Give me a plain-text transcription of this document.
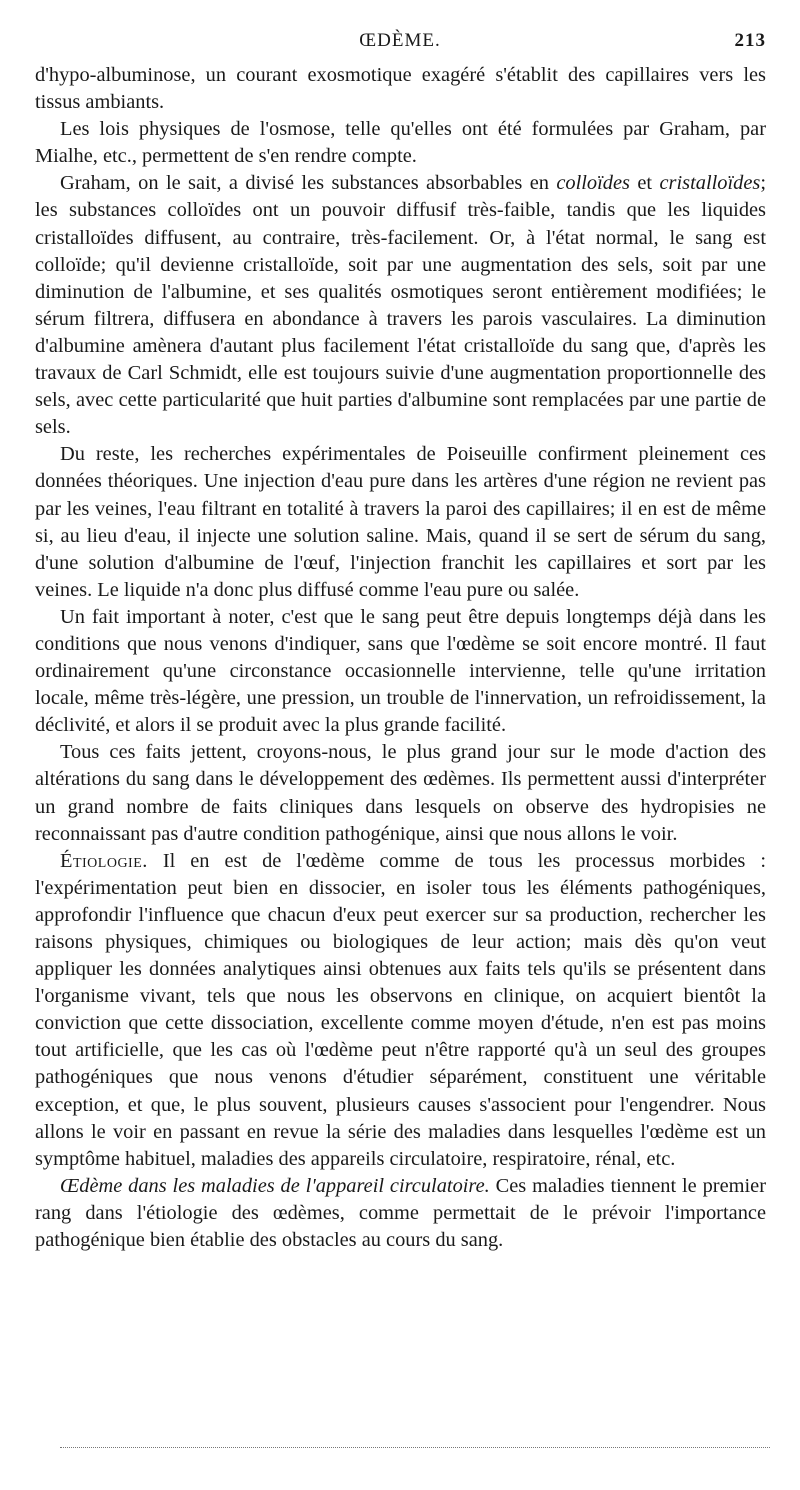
ŒDÈME.	213

d'hypo-albuminose, un courant exosmotique exagéré s'établit des capillaires vers les tissus ambiants.

Les lois physiques de l'osmose, telle qu'elles ont été formulées par Graham, par Mialhe, etc., permettent de s'en rendre compte.

Graham, on le sait, a divisé les substances absorbables en colloïdes et cristalloïdes; les substances colloïdes ont un pouvoir diffusif très-faible, tandis que les liquides cristalloïdes diffusent, au contraire, très-facilement. Or, à l'état normal, le sang est colloïde; qu'il devienne cristalloïde, soit par une augmentation des sels, soit par une diminution de l'albumine, et ses qualités osmotiques seront entièrement modifiées; le sérum filtrera, diffusera en abondance à travers les parois vasculaires. La diminution d'albumine amènera d'autant plus facilement l'état cristalloïde du sang que, d'après les travaux de Carl Schmidt, elle est toujours suivie d'une augmentation proportionnelle des sels, avec cette particularité que huit parties d'albumine sont remplacées par une partie de sels.

Du reste, les recherches expérimentales de Poiseuille confirment pleinement ces données théoriques. Une injection d'eau pure dans les artères d'une région ne revient pas par les veines, l'eau filtrant en totalité à travers la paroi des capillaires; il en est de même si, au lieu d'eau, il injecte une solution saline. Mais, quand il se sert de sérum du sang, d'une solution d'albumine de l'œuf, l'injection franchit les capillaires et sort par les veines. Le liquide n'a donc plus diffusé comme l'eau pure ou salée.

Un fait important à noter, c'est que le sang peut être depuis longtemps déjà dans les conditions que nous venons d'indiquer, sans que l'œdème se soit encore montré. Il faut ordinairement qu'une circonstance occasionnelle intervienne, telle qu'une irritation locale, même très-légère, une pression, un trouble de l'innervation, un refroidissement, la déclivité, et alors il se produit avec la plus grande facilité.

Tous ces faits jettent, croyons-nous, le plus grand jour sur le mode d'action des altérations du sang dans le développement des œdèmes. Ils permettent aussi d'interpréter un grand nombre de faits cliniques dans lesquels on observe des hydropisies ne reconnaissant pas d'autre condition pathogénique, ainsi que nous allons le voir.

Étiologie. Il en est de l'œdème comme de tous les processus morbides : l'expérimentation peut bien en dissocier, en isoler tous les éléments pathogéniques, approfondir l'influence que chacun d'eux peut exercer sur sa production, rechercher les raisons physiques, chimiques ou biologiques de leur action; mais dès qu'on veut appliquer les données analytiques ainsi obtenues aux faits tels qu'ils se présentent dans l'organisme vivant, tels que nous les observons en clinique, on acquiert bientôt la conviction que cette dissociation, excellente comme moyen d'étude, n'en est pas moins tout artificielle, que les cas où l'œdème peut n'être rapporté qu'à un seul des groupes pathogéniques que nous venons d'étudier séparément, constituent une véritable exception, et que, le plus souvent, plusieurs causes s'associent pour l'engendrer. Nous allons le voir en passant en revue la série des maladies dans lesquelles l'œdème est un symptôme habituel, maladies des appareils circulatoire, respiratoire, rénal, etc.

Œdème dans les maladies de l'appareil circulatoire. Ces maladies tiennent le premier rang dans l'étiologie des œdèmes, comme permettait de le prévoir l'importance pathogénique bien établie des obstacles au cours du sang.
